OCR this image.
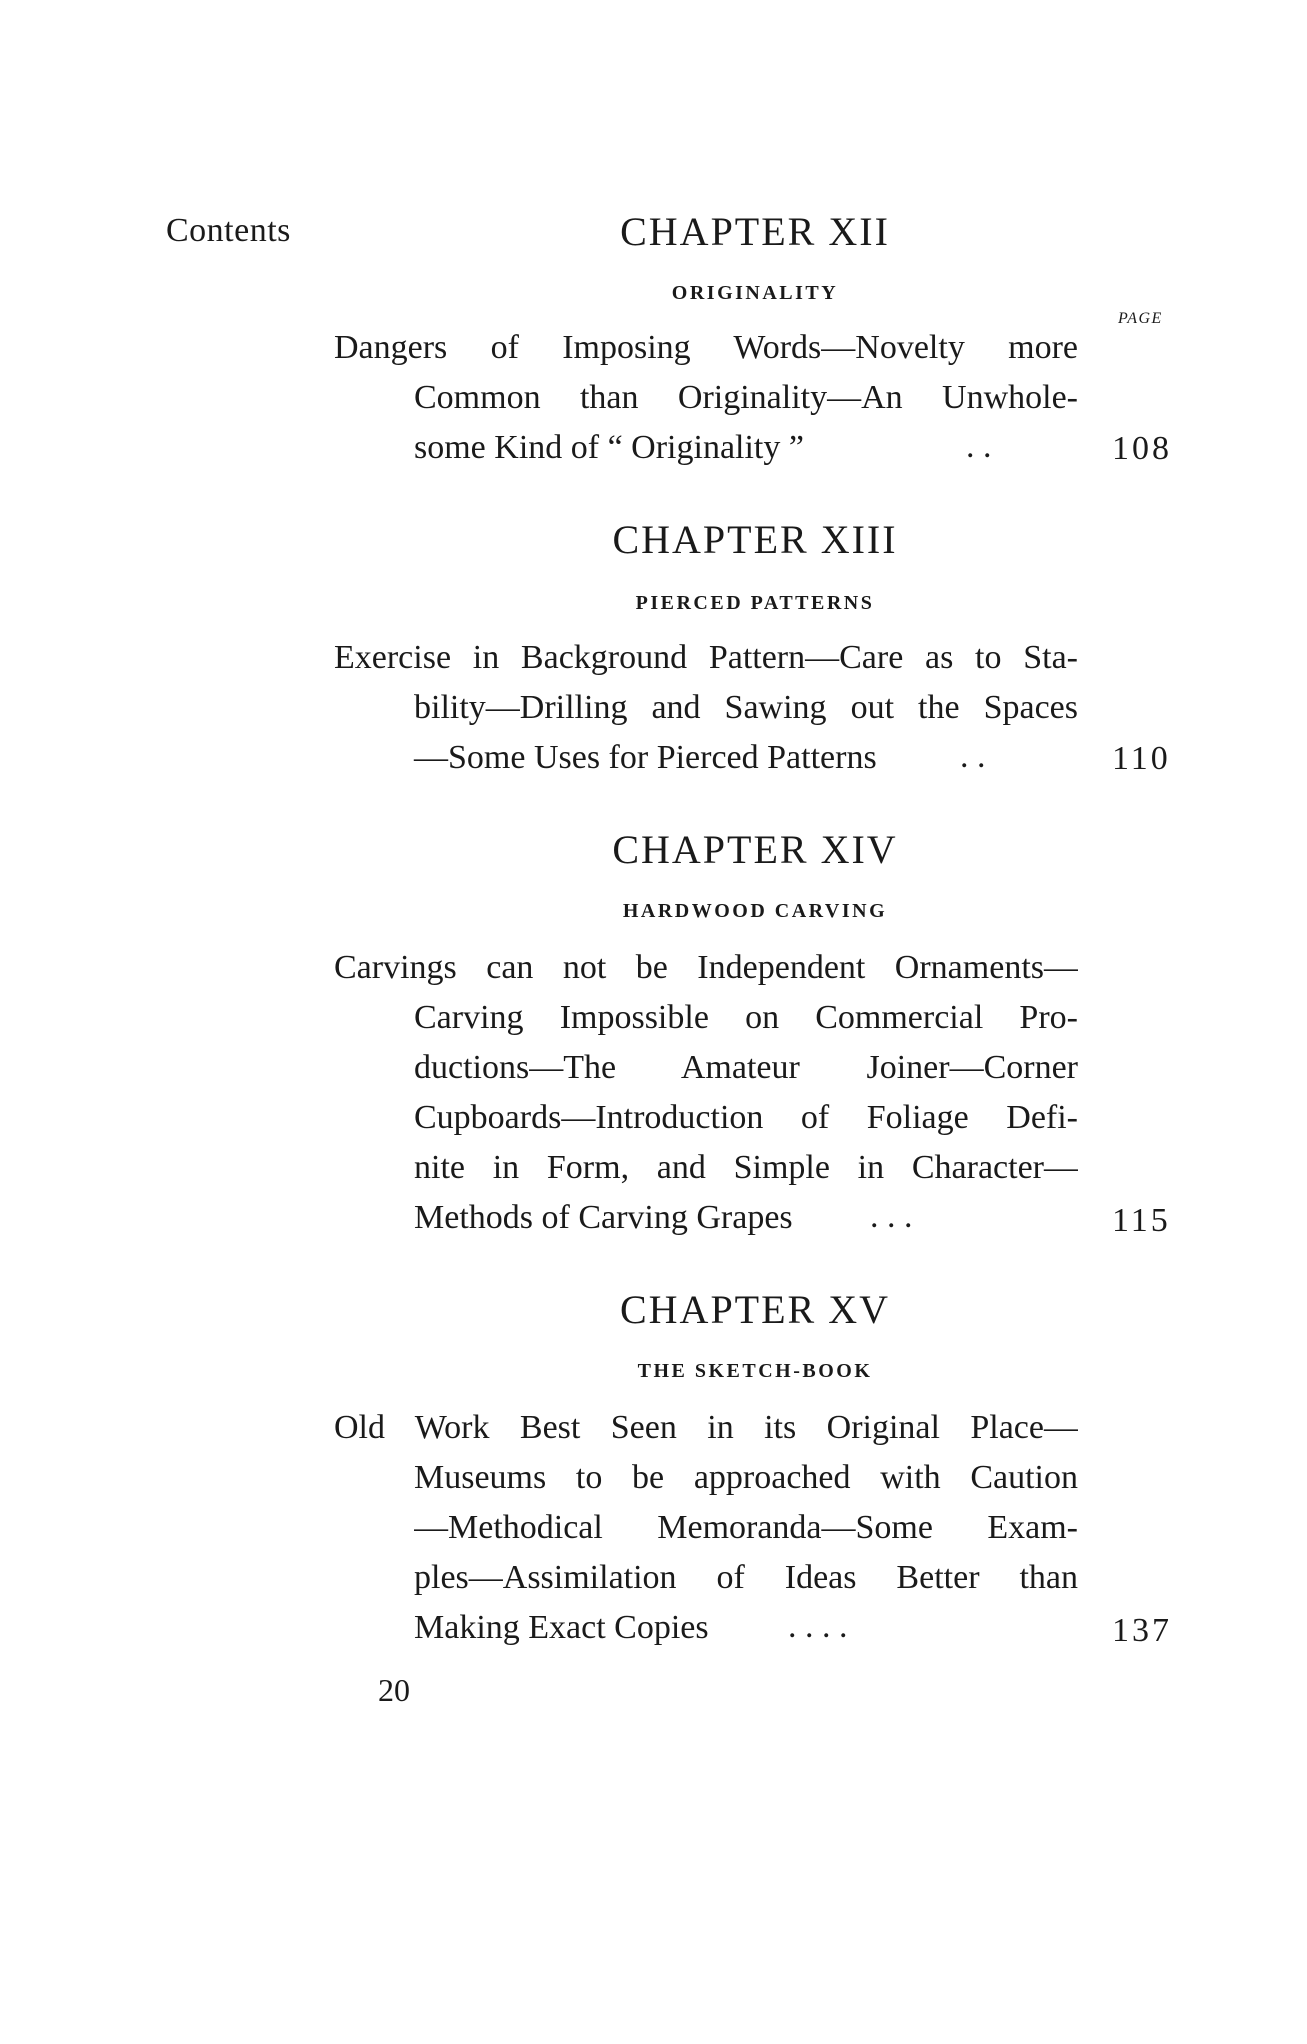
Contents
PAGE
CHAPTER XII
ORIGINALITY
Dangers of Imposing Words—Novelty more
Common than Originality—An Unwhole-
some Kind of “ Originality ”	. .	108
CHAPTER XIII
PIERCED PATTERNS
Exercise in Background Pattern—Care as to Sta-
bility—Drilling and Sawing out the Spaces
—Some Uses for Pierced Patterns . .	110
CHAPTER XIV
HARDWOOD CARVING
Carvings can not be Independent Ornaments—
Carving Impossible on Commercial Pro-
ductions—The Amateur Joiner—Corner
Cupboards—Introduction of Foliage Defi-
nite in Form, and Simple in Character—
Methods of Carving Grapes . . .	115
CHAPTER XV
THE SKETCH-BOOK
Old Work Best Seen in its Original Place—
Museums to be approached with Caution
—Methodical Memoranda—Some Exam-
ples—Assimilation of Ideas Better than
Making Exact Copies . . . .	137
20
